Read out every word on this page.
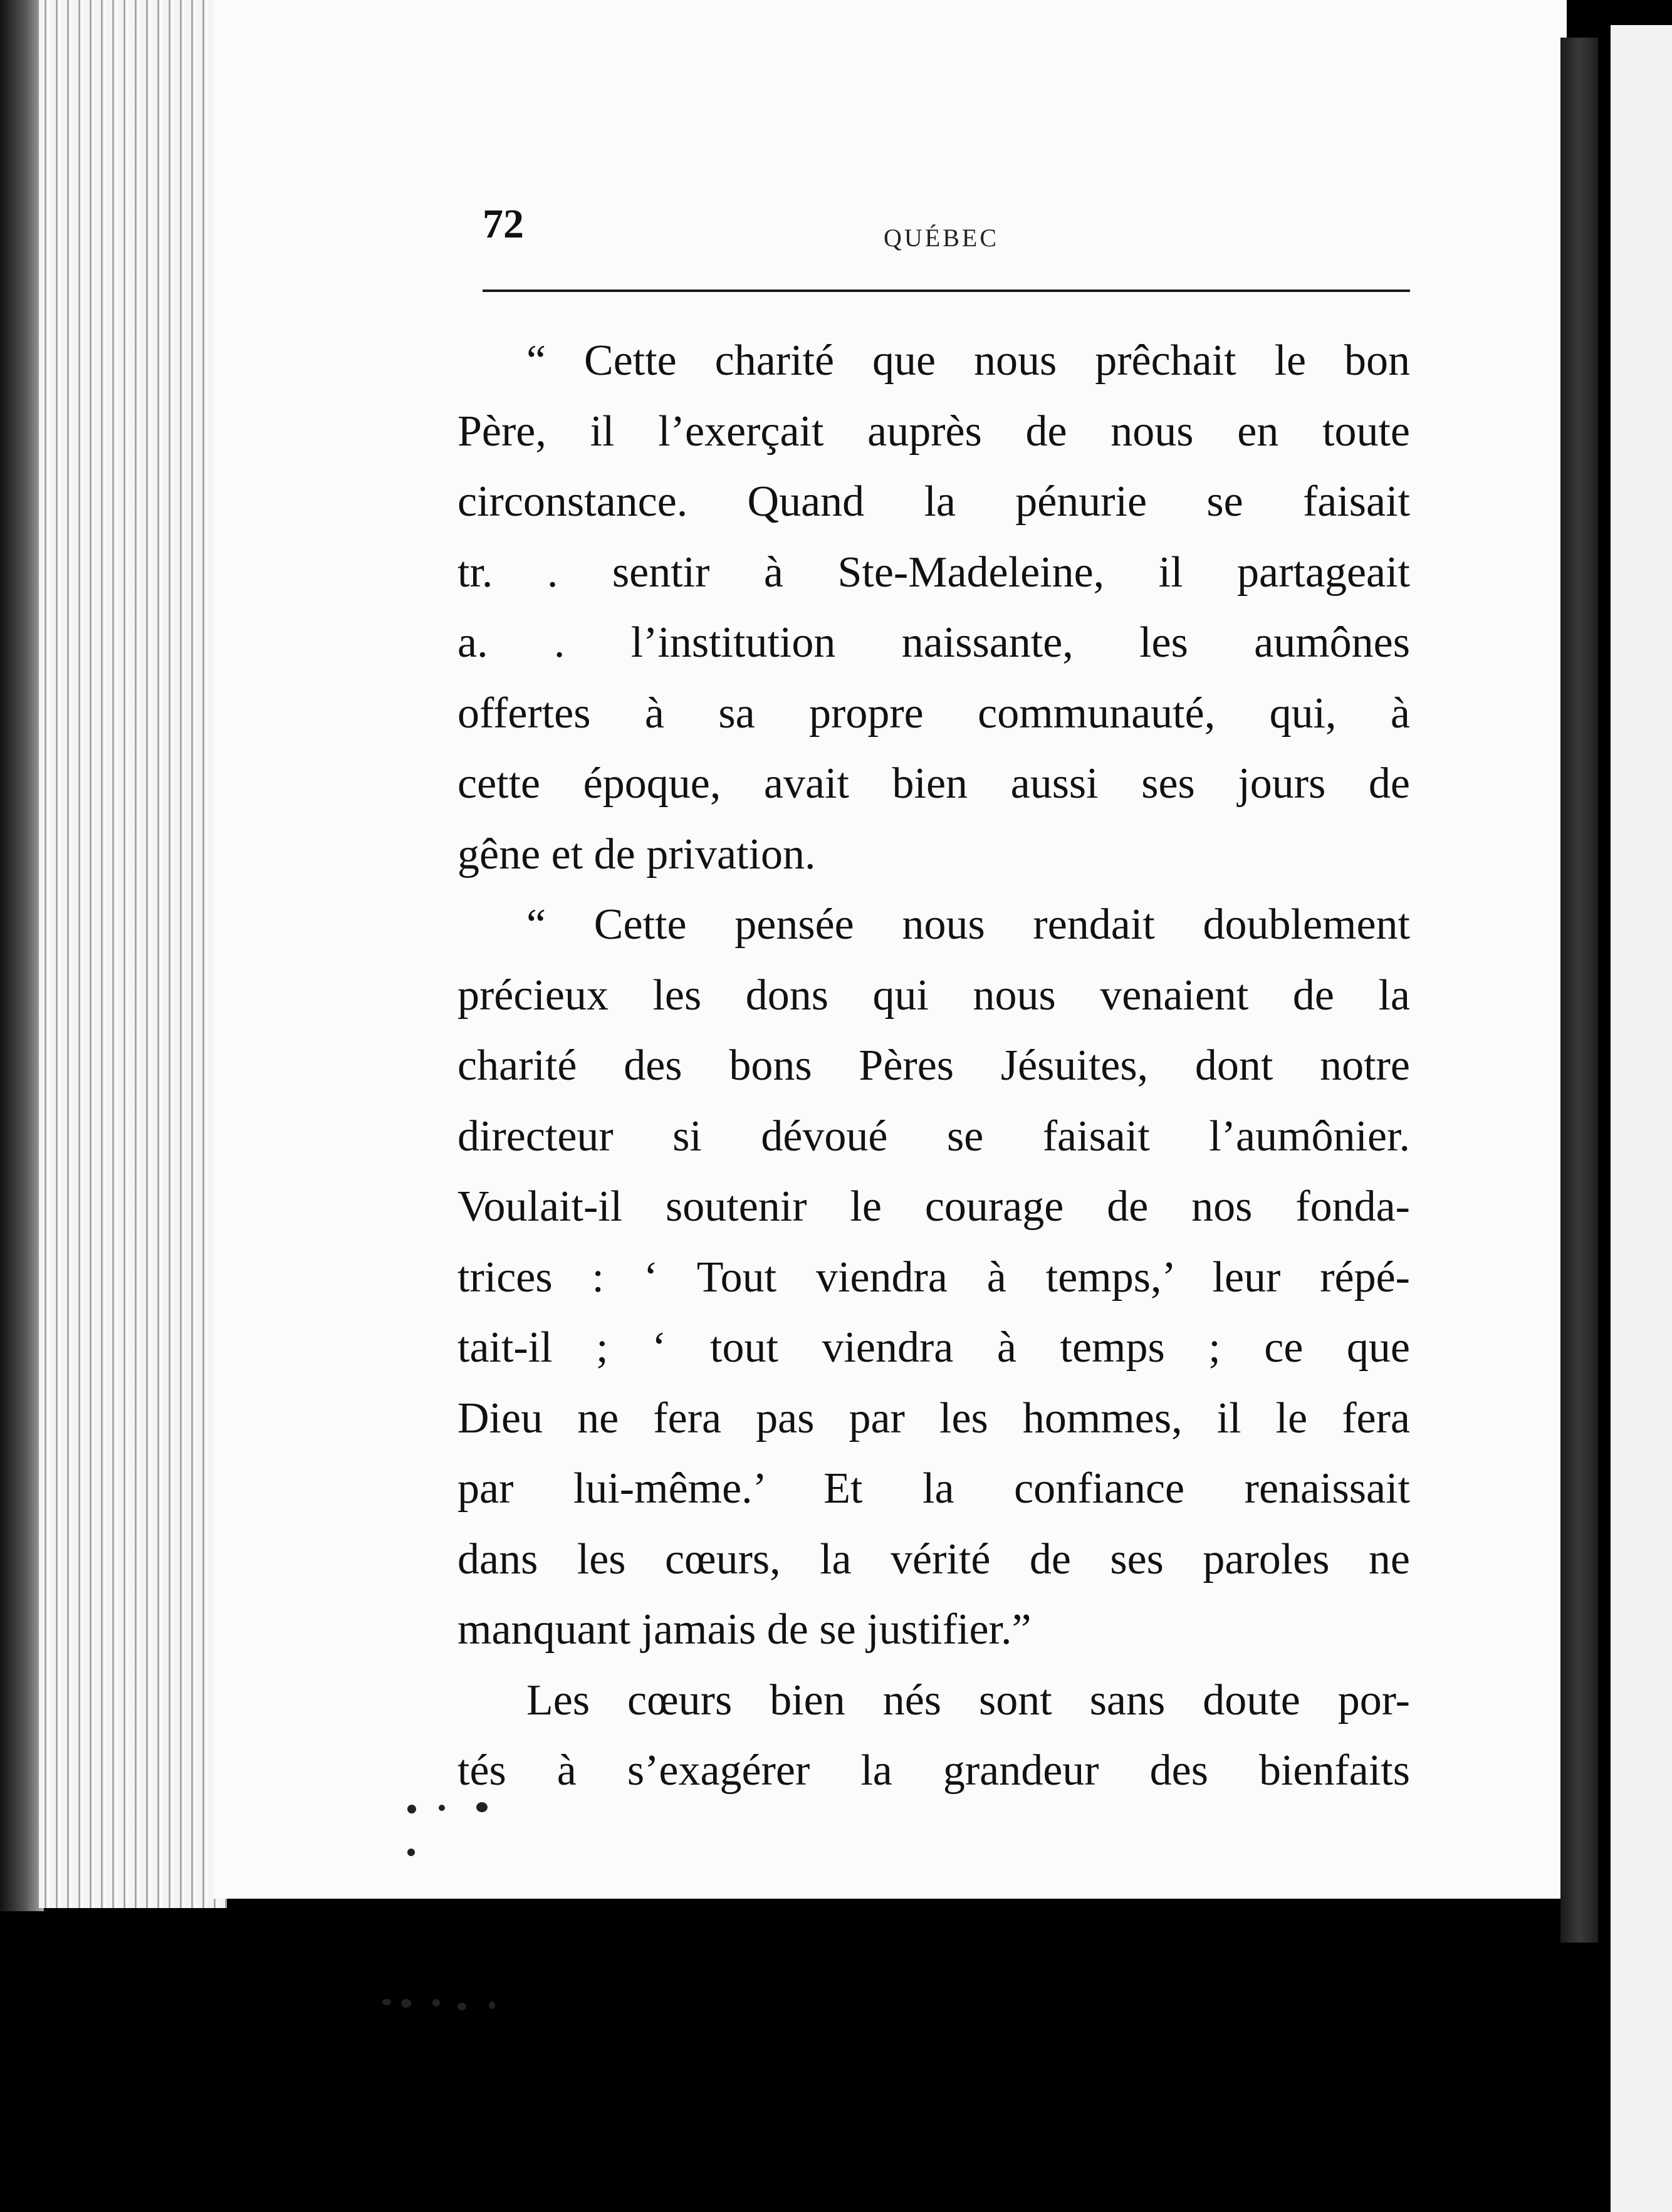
72	QUÉBEC
“ Cette charité que nous prêchait le bon
Père, il l’exerçait auprès de nous en toute
circonstance. Quand la pénurie se faisait
tr. . sentir à Ste-Madeleine, il partageait
a. . l’institution naissante, les aumônes
offertes à sa propre communauté, qui, à
cette époque, avait bien aussi ses jours de
gêne et de privation.
“ Cette pensée nous rendait doublement
précieux les dons qui nous venaient de la
charité des bons Pères Jésuites, dont notre
directeur si dévoué se faisait l’aumônier.
Voulait-il soutenir le courage de nos fonda-
trices : ‘ Tout viendra à temps,’ leur répé-
tait-il ; ‘ tout viendra à temps ; ce que
Dieu ne fera pas par les hommes, il le fera
par lui-même.’ Et la confiance renaissait
dans les cœurs, la vérité de ses paroles ne
manquant jamais de se justifier.”
Les cœurs bien nés sont sans doute por-
tés à s’exagérer la grandeur des bienfaits
